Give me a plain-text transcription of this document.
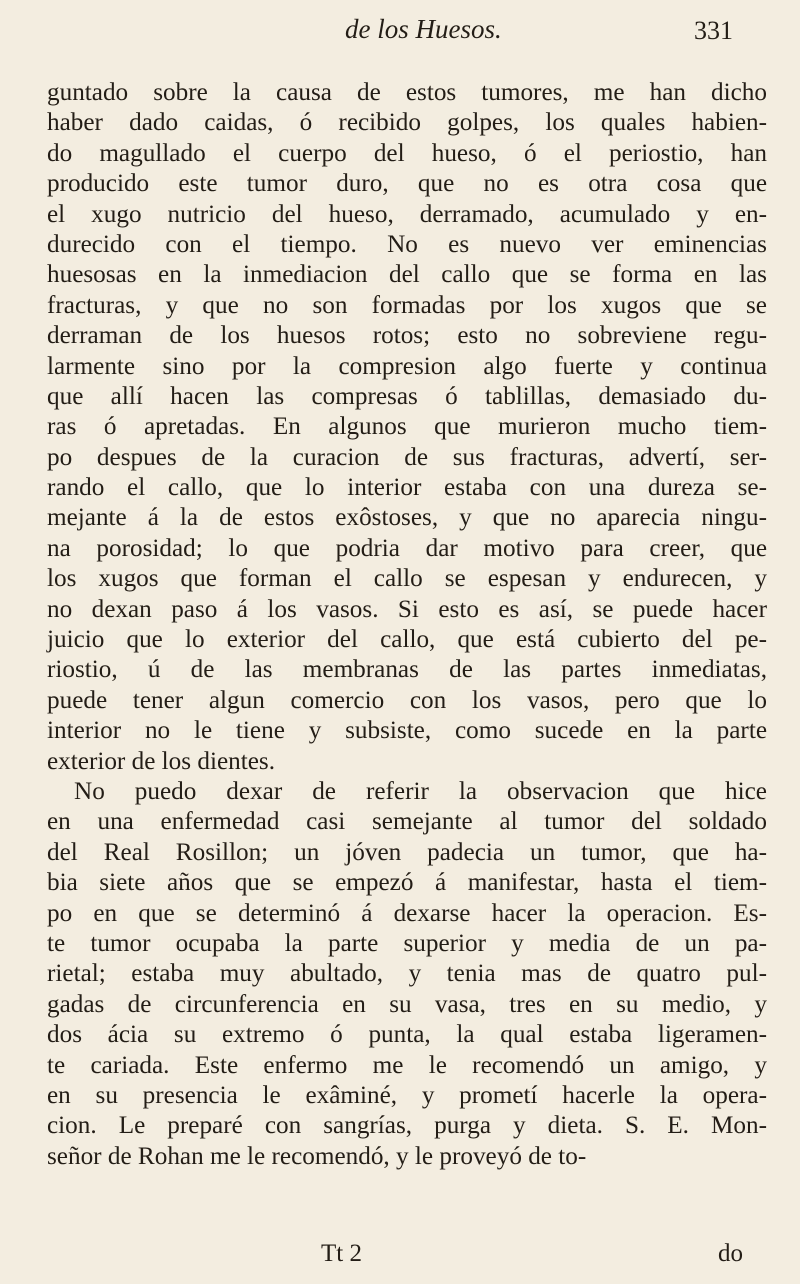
de los Huesos.	331
guntado sobre la causa de estos tumores, me han dicho
haber dado caidas, ó recibido golpes, los quales habien-
do magullado el cuerpo del hueso, ó el periostio, han
producido este tumor duro, que no es otra cosa que
el xugo nutricio del hueso, derramado, acumulado y en-
durecido con el tiempo. No es nuevo ver eminencias
huesosas en la inmediacion del callo que se forma en las
fracturas, y que no son formadas por los xugos que se
derraman de los huesos rotos; esto no sobreviene regu-
larmente sino por la compresion algo fuerte y continua
que allí hacen las compresas ó tablillas, demasiado du-
ras ó apretadas. En algunos que murieron mucho tiem-
po despues de la curacion de sus fracturas, advertí, ser-
rando el callo, que lo interior estaba con una dureza se-
mejante á la de estos exôstoses, y que no aparecia ningu-
na porosidad; lo que podria dar motivo para creer, que
los xugos que forman el callo se espesan y endurecen, y
no dexan paso á los vasos. Si esto es así, se puede hacer
juicio que lo exterior del callo, que está cubierto del pe-
riostio, ú de las membranas de las partes inmediatas,
puede tener algun comercio con los vasos, pero que lo
interior no le tiene y subsiste, como sucede en la parte
exterior de los dientes.
No puedo dexar de referir la observacion que hice
en una enfermedad casi semejante al tumor del soldado
del Real Rosillon; un jóven padecia un tumor, que ha-
bia siete años que se empezó á manifestar, hasta el tiem-
po en que se determinó á dexarse hacer la operacion. Es-
te tumor ocupaba la parte superior y media de un pa-
rietal; estaba muy abultado, y tenia mas de quatro pul-
gadas de circunferencia en su vasa, tres en su medio, y
dos ácia su extremo ó punta, la qual estaba ligeramen-
te cariada. Este enfermo me le recomendó un amigo, y
en su presencia le exâminé, y prometí hacerle la opera-
cion. Le preparé con sangrías, purga y dieta. S. E. Mon-
señor de Rohan me le recomendó, y le proveyó de to-
Tt 2	do
